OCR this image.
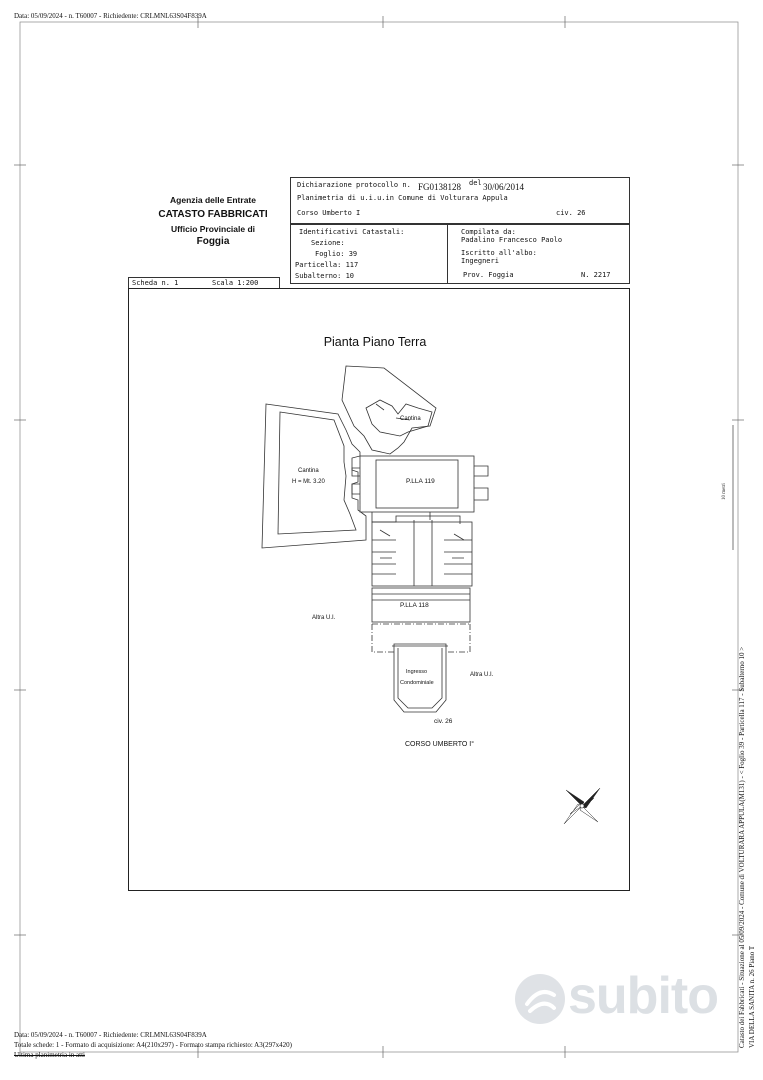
Data: 05/09/2024 - n. T60007 - Richiedente: CRLMNL63S04F839A
Agenzia delle Entrate
CATASTO FABBRICATI
Ufficio Provinciale di
Foggia
Dichiarazione protocollo n. FG0138128 del 30/06/2014
Planimetria di u.i.u.in Comune di Volturara Appula
Corso Umberto I	civ. 26
Identificativi Catastali:
Sezione:
Foglio: 39
Particella: 117
Subalterno: 10
Compilata da:
Padalino Francesco Paolo
Iscritto all'albo:
Ingegneri
Prov. Foggia	N. 2217
Scheda n. 1	Scala 1:200
Pianta Piano Terra
Cantina
Cantina
H = Mt. 3.20	P.LLA 119
P.LLA 118
Altra U.I.
Altra U.I.
Ingresso
Condominiale
civ. 26
CORSO UMBERTO I°
10 metri
Catasto dei Fabbricati - Situazione al 05/09/2024 - Comune di VOLTURARA APPULA(M131) - < Foglio 39 - Particella 117 - Subalterno 10 > VIA DELLA SANITA n. 26 Piano T
subito
Data: 05/09/2024 - n. T60007 - Richiedente: CRLMNL63S04F839A
Totale schede: 1 - Formato di acquisizione: A4(210x297) - Formato stampa richiesto: A3(297x420)
Ultima planimetria in atti
